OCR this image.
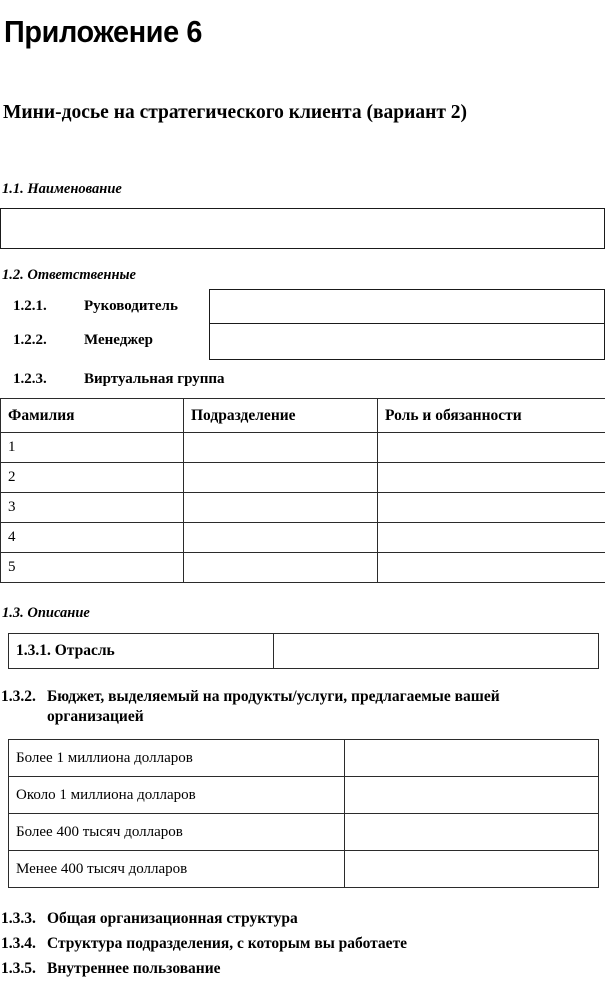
Приложение 6
Мини-досье на стратегического клиента (вариант 2)
1.1. Наименование
1.2. Ответственные
1.2.1. Руководитель
1.2.2. Менеджер
1.2.3. Виртуальная группа
Фамилия	Подразделение	Роль и обязанности
1		
2		
3		
4		
5		
1.3. Описание
1.3.1. Отрасль	
1.3.2. Бюджет, выделяемый на продукты/услуги, предлагаемые вашей организацией
Более 1 миллиона долларов	
Около 1 миллиона долларов	
Более 400 тысяч долларов	
Менее 400 тысяч долларов	
1.3.3. Общая организационная структура
1.3.4. Структура подразделения, с которым вы работаете
1.3.5. Внутреннее пользование
